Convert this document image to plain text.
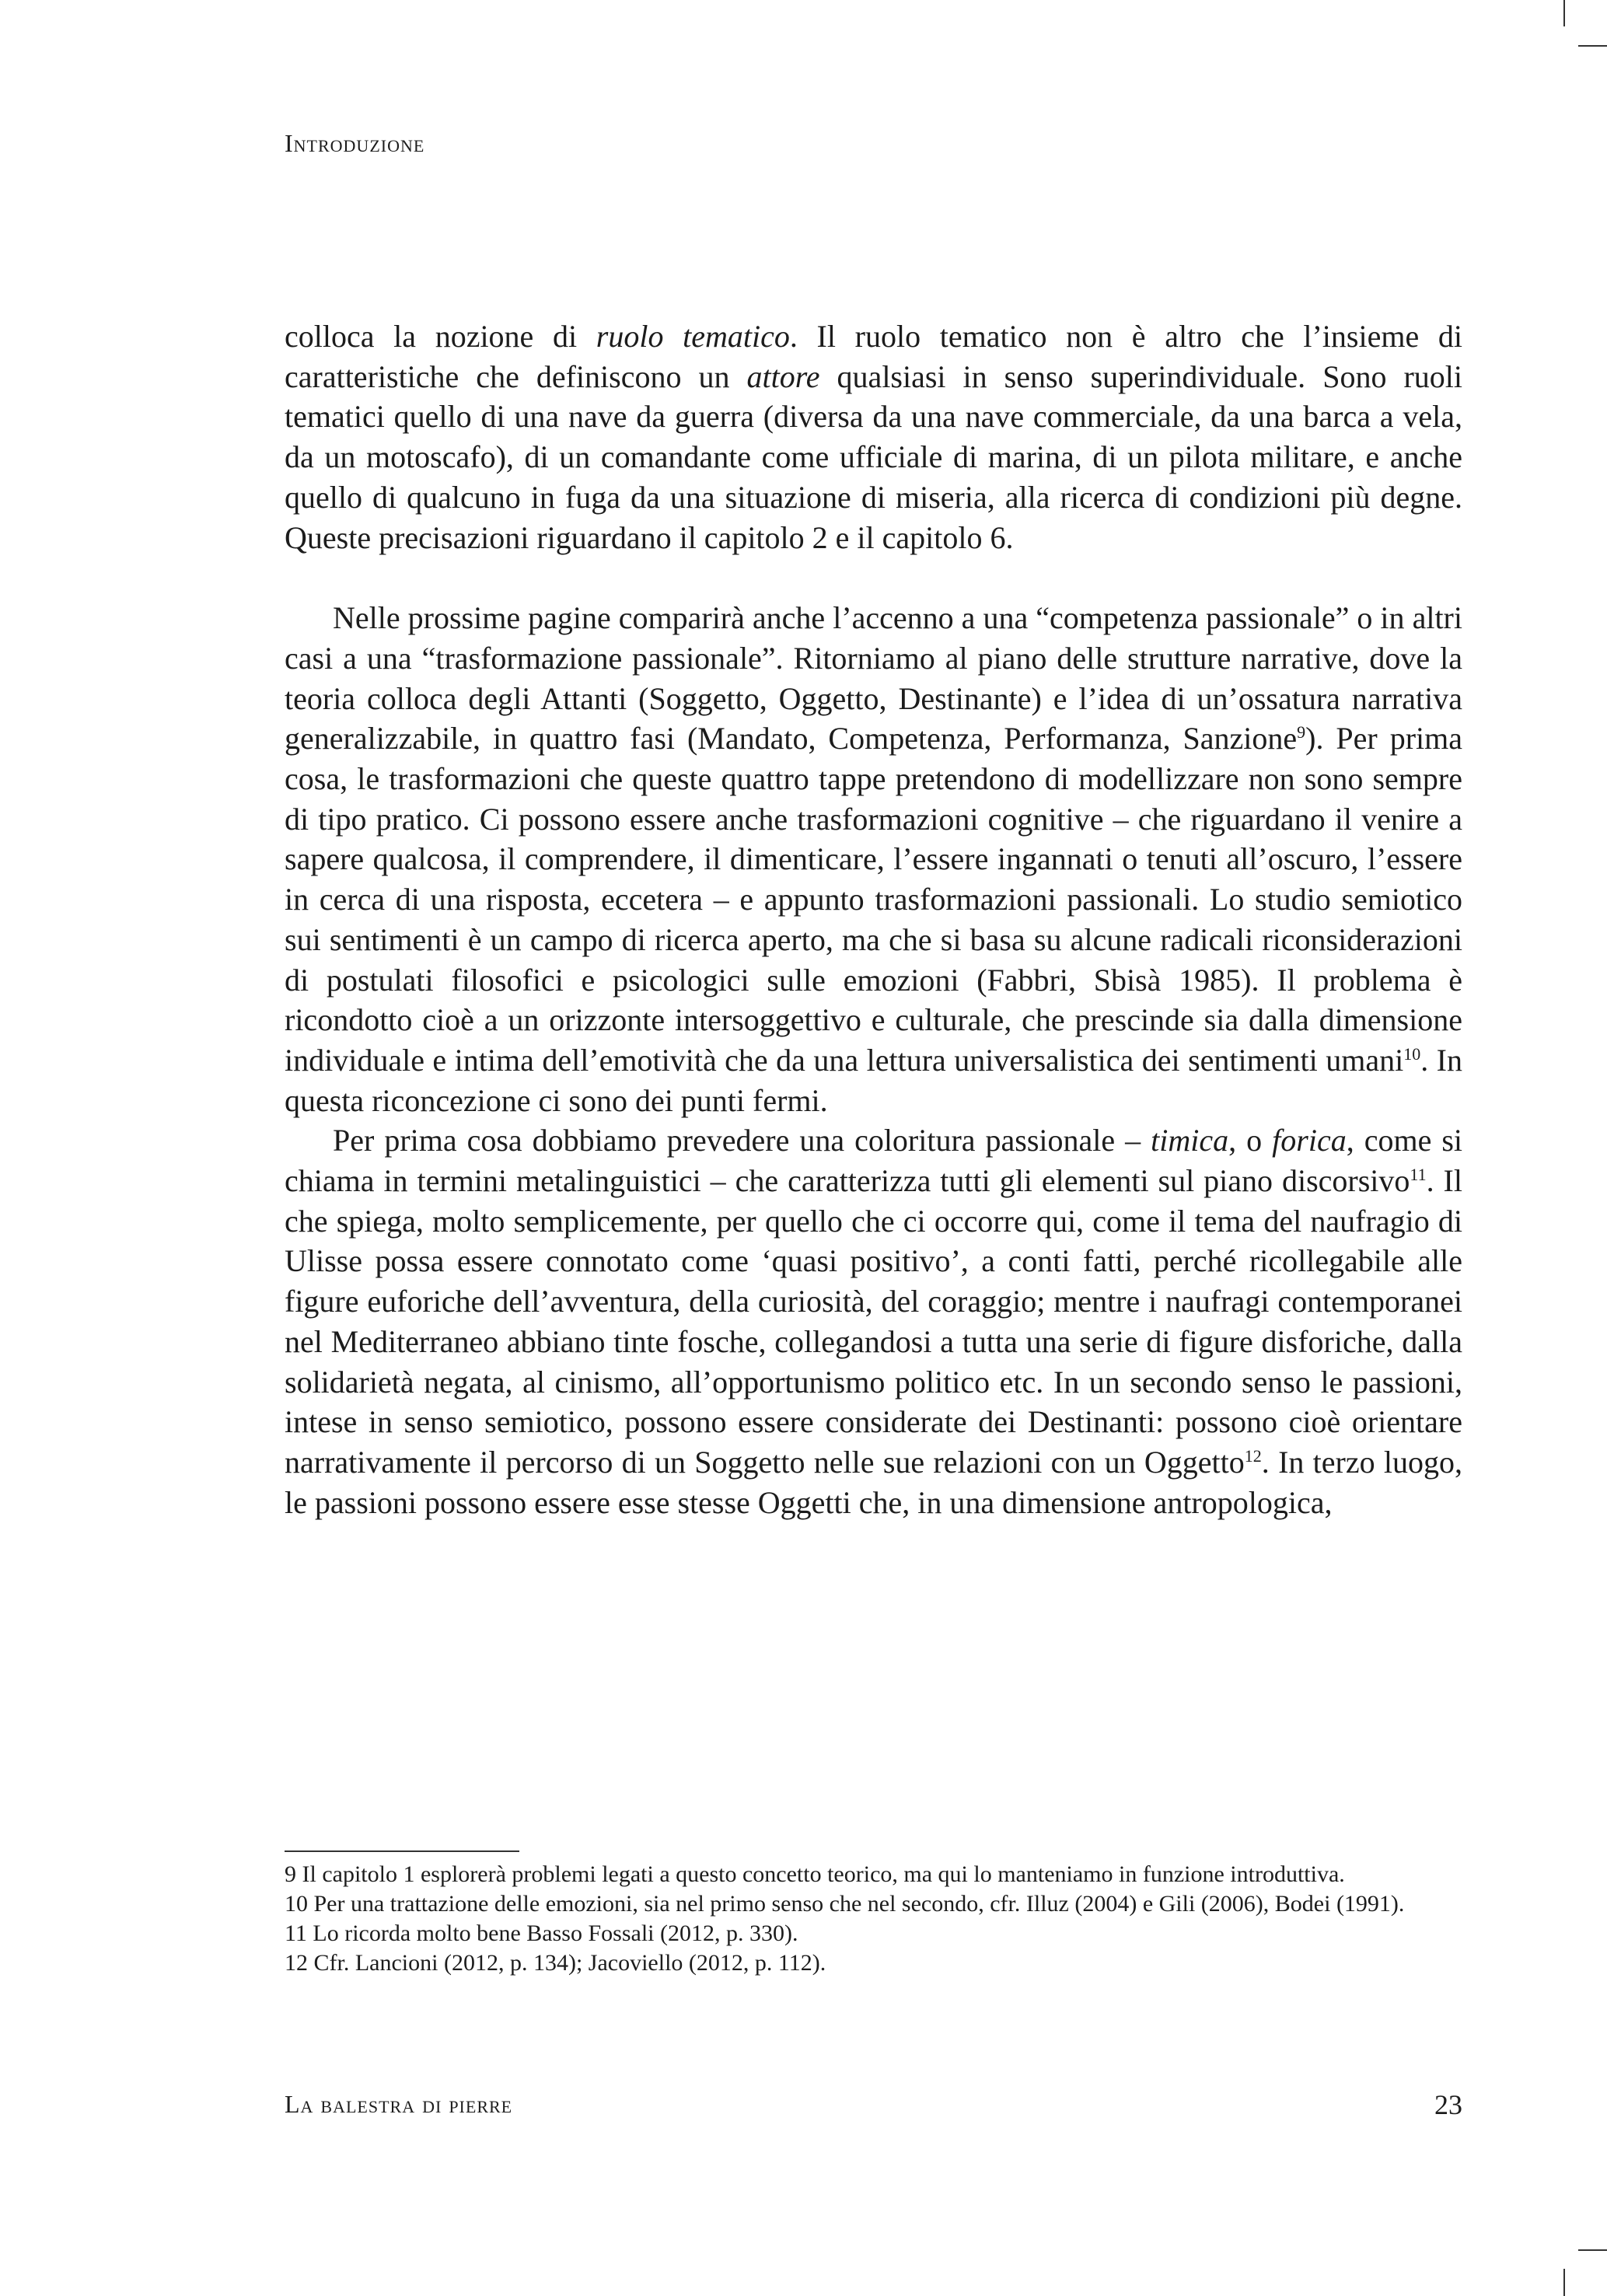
Introduzione

colloca la nozione di ruolo tematico. Il ruolo tematico non è altro che l’insieme di caratteristiche che definiscono un attore qualsiasi in senso superindividuale. Sono ruoli tematici quello di una nave da guerra (diversa da una nave commerciale, da una barca a vela, da un motoscafo), di un comandante come ufficiale di marina, di un pilota militare, e anche quello di qualcuno in fuga da una situazione di miseria, alla ricerca di condizioni più degne. Queste precisazioni riguardano il capitolo 2 e il capitolo 6.

Nelle prossime pagine comparirà anche l’accenno a una “competenza passionale” o in altri casi a una “trasformazione passionale”. Ritorniamo al piano delle strutture narrative, dove la teoria colloca degli Attanti (Soggetto, Oggetto, Destinante) e l’idea di un’ossatura narrativa generalizzabile, in quattro fasi (Mandato, Competenza, Performanza, Sanzione$^9$). Per prima cosa, le trasformazioni che queste quattro tappe pretendono di modellizzare non sono sempre di tipo pratico. Ci possono essere anche trasformazioni cognitive – che riguardano il venire a sapere qualcosa, il comprendere, il dimenticare, l’essere ingannati o tenuti all’oscuro, l’essere in cerca di una risposta, eccetera – e appunto trasformazioni passionali. Lo studio semiotico sui sentimenti è un campo di ricerca aperto, ma che si basa su alcune radicali riconsiderazioni di postulati filosofici e psicologici sulle emozioni (Fabbri, Sbisà 1985). Il problema è ricondotto cioè a un orizzonte intersoggettivo e culturale, che prescinde sia dalla dimensione individuale e intima dell’emotività che da una lettura universalistica dei sentimenti umani$^{10}$. In questa riconcezione ci sono dei punti fermi.

Per prima cosa dobbiamo prevedere una coloritura passionale – timica, o forica, come si chiama in termini metalinguistici – che caratterizza tutti gli elementi sul piano discorsivo$^{11}$. Il che spiega, molto semplicemente, per quello che ci occorre qui, come il tema del naufragio di Ulisse possa essere connotato come ‘quasi positivo’, a conti fatti, perché ricollegabile alle figure euforiche dell’avventura, della curiosità, del coraggio; mentre i naufragi contemporanei nel Mediterraneo abbiano tinte fosche, collegandosi a tutta una serie di figure disforiche, dalla solidarietà negata, al cinismo, all’opportunismo politico etc. In un secondo senso le passioni, intese in senso semiotico, possono essere considerate dei Destinanti: possono cioè orientare narrativamente il percorso di un Soggetto nelle sue relazioni con un Oggetto$^{12}$. In terzo luogo, le passioni possono essere esse stesse Oggetti che, in una dimensione antropologica,

9 Il capitolo 1 esplorerà problemi legati a questo concetto teorico, ma qui lo manteniamo in funzione introduttiva.

10 Per una trattazione delle emozioni, sia nel primo senso che nel secondo, cfr. Illuz (2004) e Gili (2006), Bodei (1991).

11 Lo ricorda molto bene Basso Fossali (2012, p. 330).

12 Cfr. Lancioni (2012, p. 134); Jacoviello (2012, p. 112).

La balestra di pierre	23
